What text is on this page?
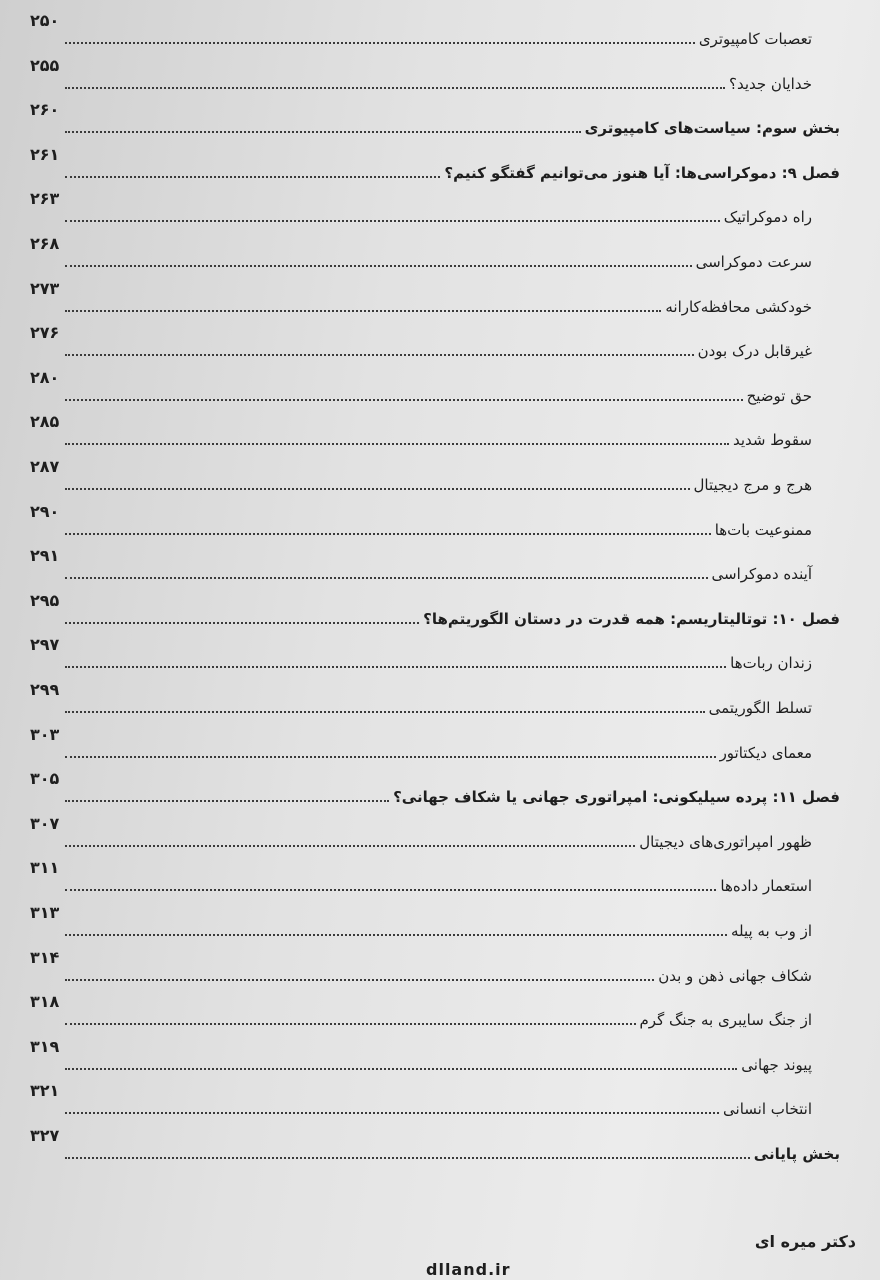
تعصبات کامپیوتری
۲۵۰
خدایان جدید؟
۲۵۵
بخش سوم: سیاست‌های کامپیوتری
۲۶۰
فصل ۹: دموکراسی‌ها: آیا هنوز می‌توانیم گفتگو کنیم؟
۲۶۱
راه دموکراتیک
۲۶۳
سرعت دموکراسی
۲۶۸
خودکشی محافظه‌کارانه
۲۷۳
غیرقابل درک بودن
۲۷۶
حق توضیح
۲۸۰
سقوط شدید
۲۸۵
هرج و مرج دیجیتال
۲۸۷
ممنوعیت بات‌ها
۲۹۰
آینده دموکراسی
۲۹۱
فصل ۱۰: توتالیتاریسم: همه قدرت در دستان الگوریتم‌ها؟
۲۹۵
زندان ربات‌ها
۲۹۷
تسلط الگوریتمی
۲۹۹
معمای دیکتاتور
۳۰۳
فصل ۱۱: پرده سیلیکونی: امپراتوری جهانی یا شکاف جهانی؟
۳۰۵
ظهور امپراتوری‌های دیجیتال
۳۰۷
استعمار داده‌ها
۳۱۱
از وب به پیله
۳۱۳
شکاف جهانی ذهن و بدن
۳۱۴
از جنگ سایبری به جنگ گرم
۳۱۸
پیوند جهانی
۳۱۹
انتخاب انسانی
۳۲۱
بخش پایانی
۳۲۷
دکتر میره ای
dlland.ir
